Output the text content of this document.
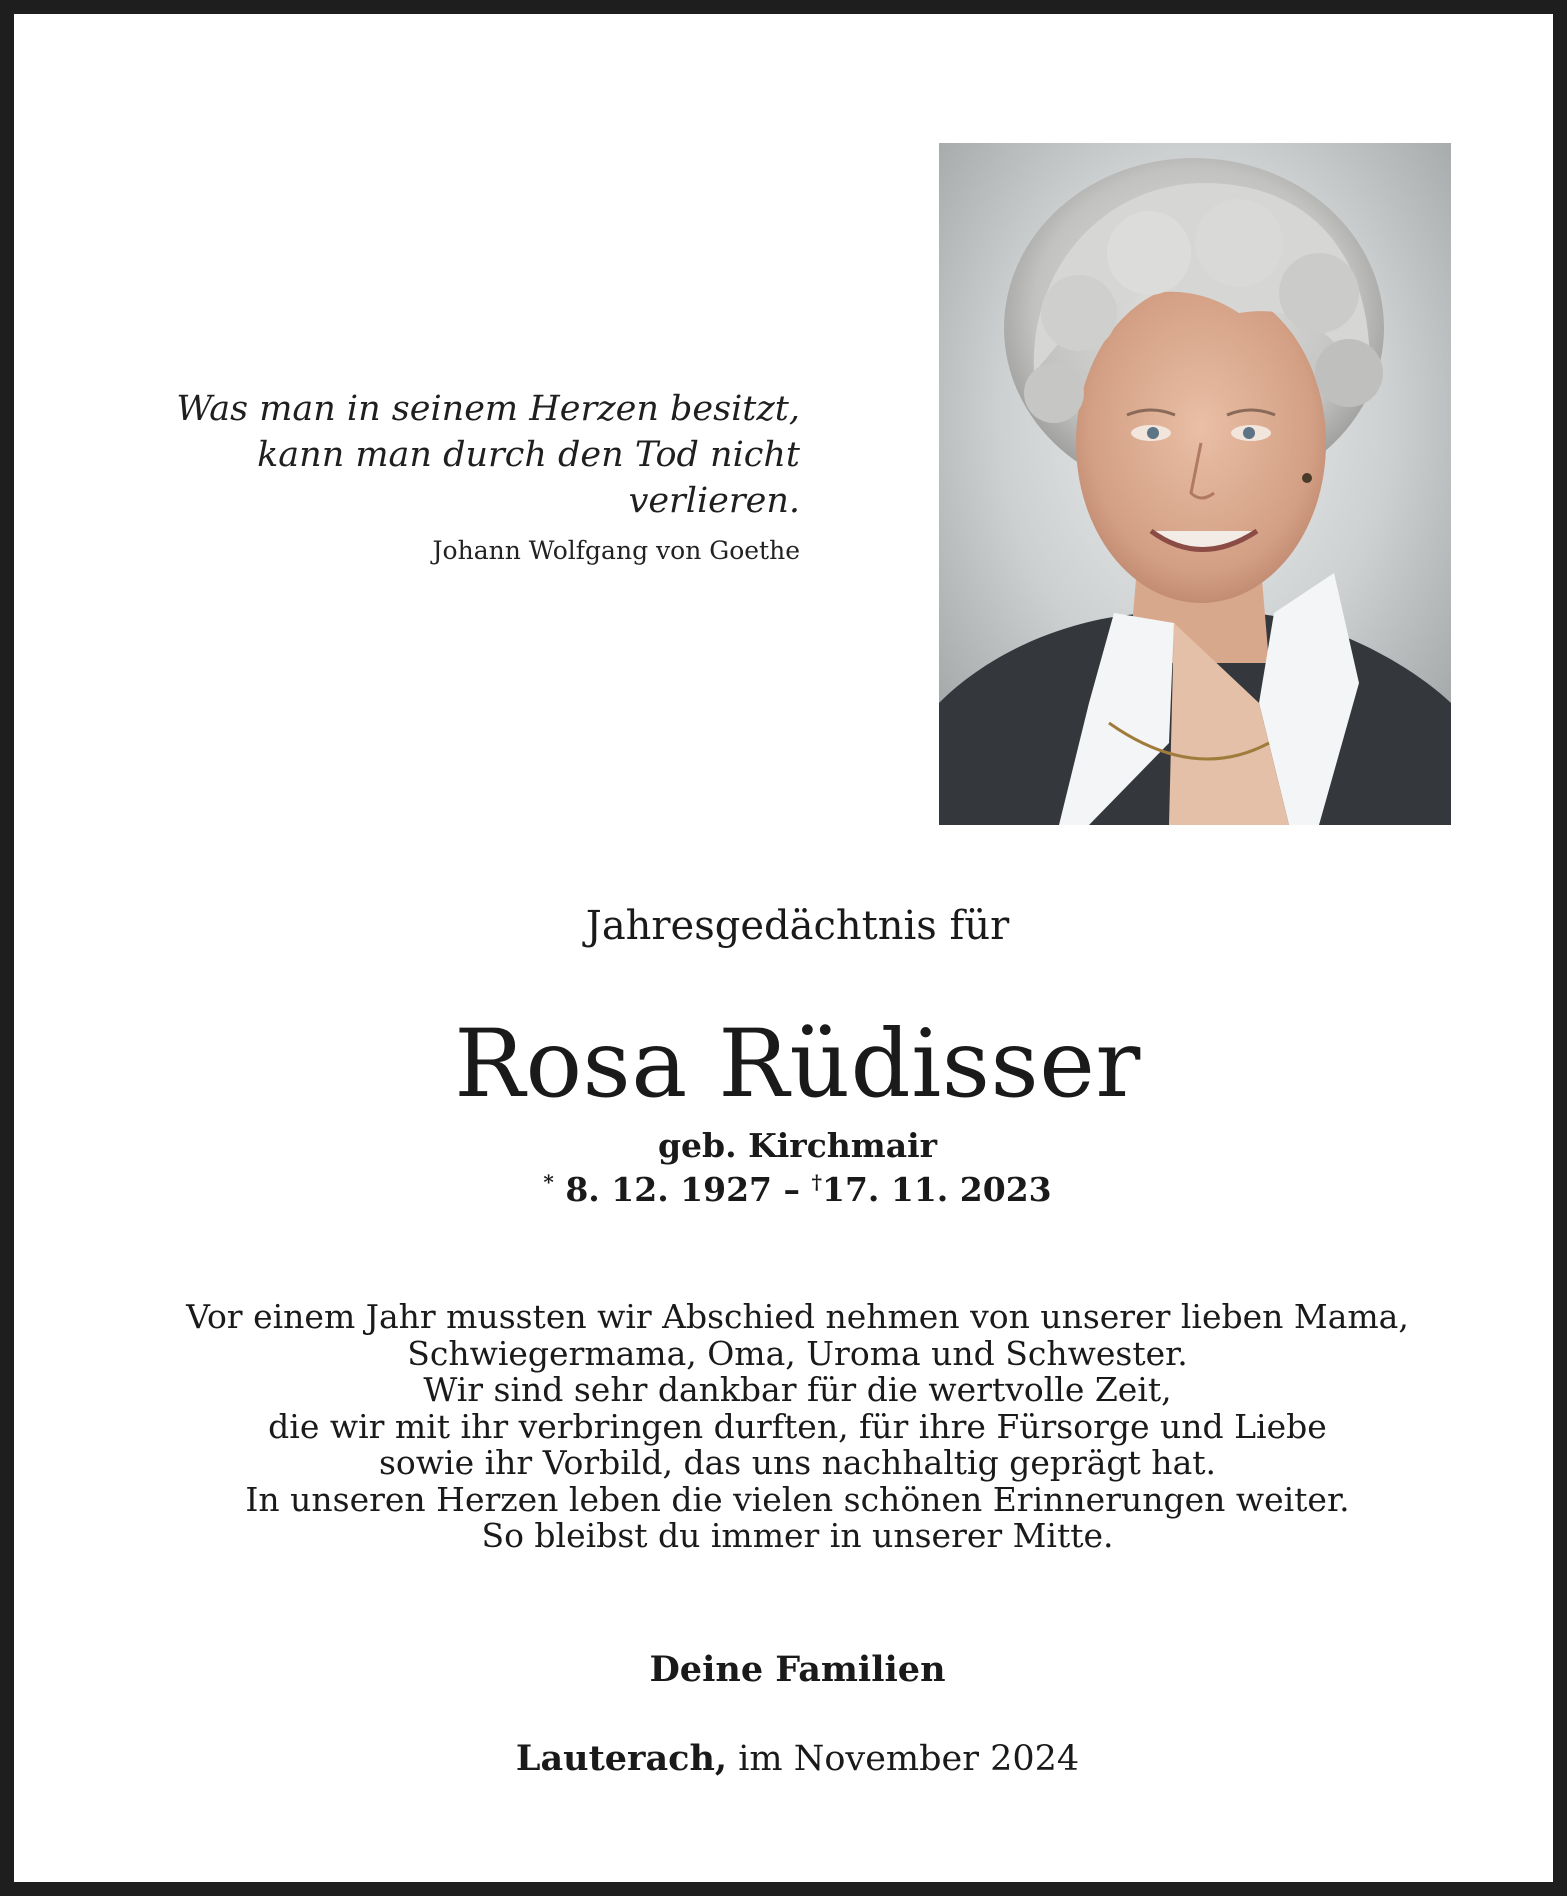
Was man in seinem Herzen besitzt,
kann man durch den Tod nicht verlieren.
Johann Wolfgang von Goethe
Jahresgedächtnis für
Rosa Rüdisser
geb. Kirchmair
* 8. 12. 1927 – †17. 11. 2023
Vor einem Jahr mussten wir Abschied nehmen von unserer lieben Mama,
Schwiegermama, Oma, Uroma und Schwester.
Wir sind sehr dankbar für die wertvolle Zeit,
die wir mit ihr verbringen durften, für ihre Fürsorge und Liebe
sowie ihr Vorbild, das uns nachhaltig geprägt hat.
In unseren Herzen leben die vielen schönen Erinnerungen weiter.
So bleibst du immer in unserer Mitte.
Deine Familien
Lauterach, im November 2024
